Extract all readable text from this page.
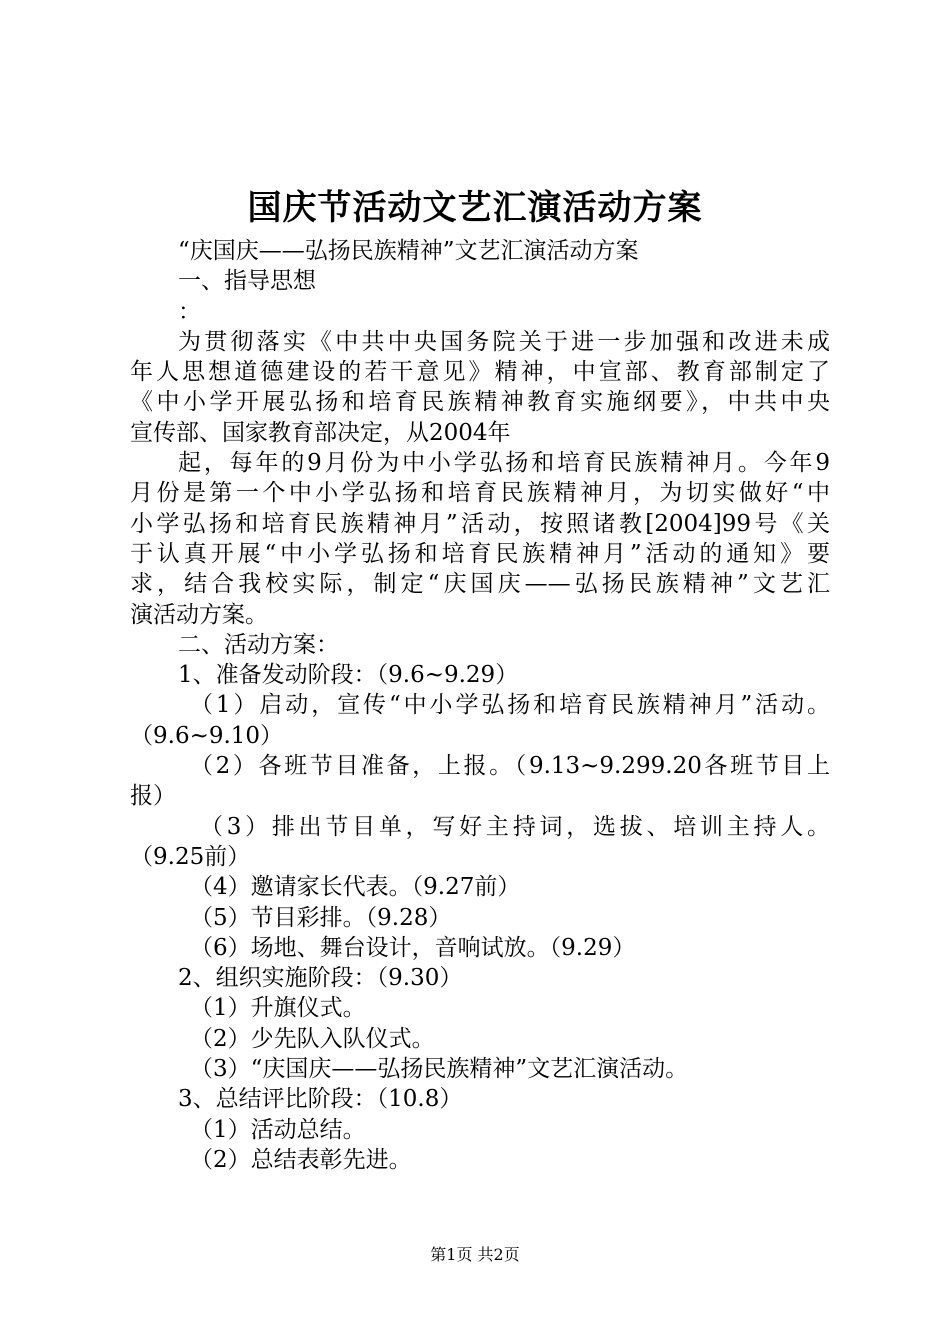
国庆节活动文艺汇演活动方案
“庆国庆——弘扬民族精神”文艺汇演活动方案
一、指导思想
：
为贯彻落实《中共中央国务院关于进一步加强和改进未成
年人思想道德建设的若干意见》精神，中宣部、教育部制定了
《中小学开展弘扬和培育民族精神教育实施纲要》，中共中央
宣传部、国家教育部决定，从2004年
起，每年的9月份为中小学弘扬和培育民族精神月。今年9
月份是第一个中小学弘扬和培育民族精神月，为切实做好“中
小学弘扬和培育民族精神月”活动，按照诸教[2004]99号《关
于认真开展“中小学弘扬和培育民族精神月”活动的通知》要
求，结合我校实际，制定“庆国庆——弘扬民族精神”文艺汇
演活动方案。
二、活动方案：
1、准备发动阶段：（9.6~9.29）
（1）启动，宣传“中小学弘扬和培育民族精神月”活动。
（9.6~9.10）
（2）各班节目准备，上报。（9.13~9.299.20各班节目上
报）
（3）排出节目单，写好主持词，选拔、培训主持人。
（9.25前）
（4）邀请家长代表。（9.27前）
（5）节目彩排。（9.28）
（6）场地、舞台设计，音响试放。（9.29）
2、组织实施阶段：（9.30）
（1）升旗仪式。
（2）少先队入队仪式。
（3）“庆国庆——弘扬民族精神”文艺汇演活动。
3、总结评比阶段：（10.8）
（1）活动总结。
（2）总结表彰先进。
第1页 共2页
